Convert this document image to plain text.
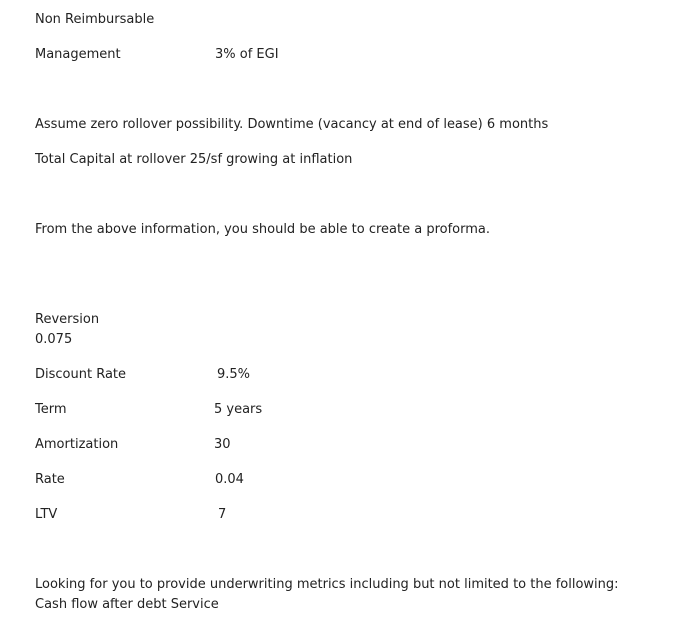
Non Reimbursable
Management	3% of EGI
Assume zero rollover possibility. Downtime (vacancy at end of lease) 6 months
Total Capital at rollover 25/sf growing at inflation
From the above information, you should be able to create a proforma.
Reversion
0.075
Discount Rate	9.5%
Term	5 years
Amortization	30
Rate	0.04
LTV	7
Looking for you to provide underwriting metrics including but not limited to the following:
Cash flow after debt Service
